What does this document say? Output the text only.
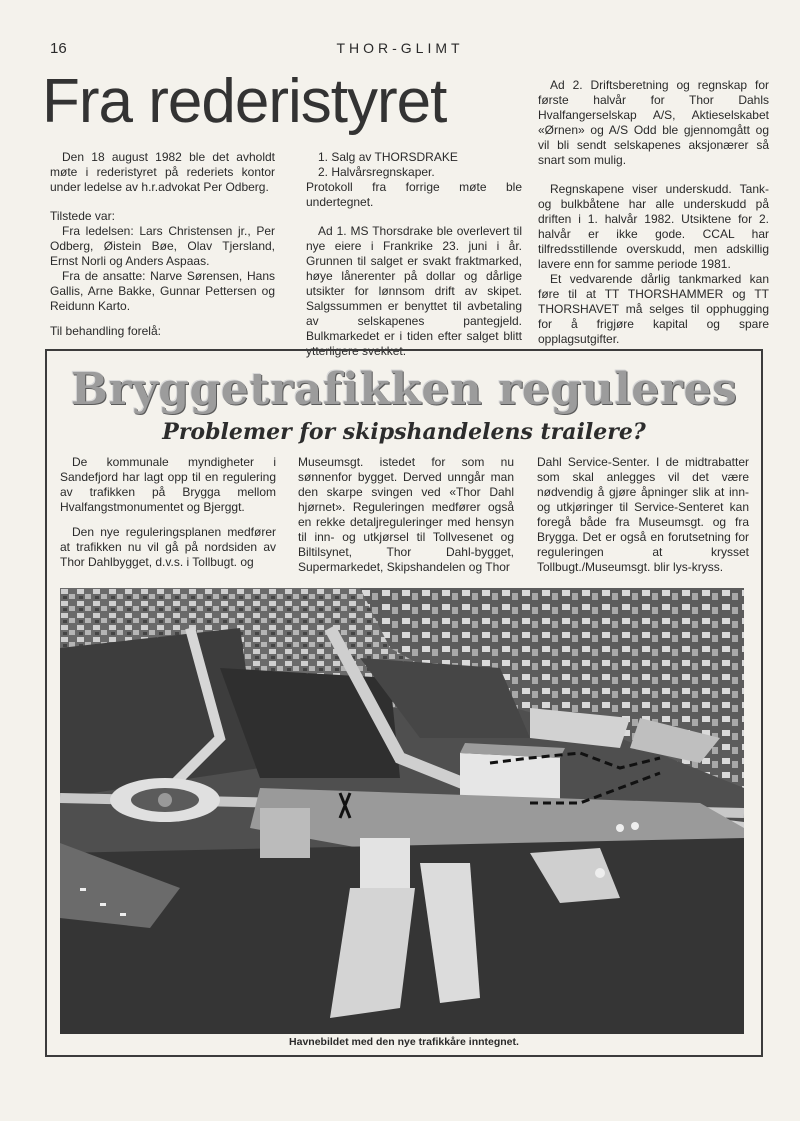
16	THOR-GLIMT
Fra rederistyret

Den 18 august 1982 ble det avholdt møte i rederistyret på rederiets kontor under ledelse av h.r.advokat Per Odberg.

Tilstede var:

Fra ledelsen: Lars Christensen jr., Per Odberg, Øistein Bøe, Olav Tjersland, Ernst Norli og Anders Aspaas.

Fra de ansatte: Narve Sørensen, Hans Gallis, Arne Bakke, Gunnar Pettersen og Reidunn Karto.

Til behandling forelå:

1. Salg av THORSDRAKE

2. Halvårsregnskaper.

Protokoll fra forrige møte ble undertegnet.

Ad 1. MS Thorsdrake ble overlevert til nye eiere i Frankrike 23. juni i år. Grunnen til salget er svakt fraktmarked, høye lånerenter på dollar og dårlige utsikter for lønnsom drift av skipet. Salgssummen er benyttet til avbetaling av selskapenes pantegjeld. Bulkmarkedet er i tiden efter salget blitt ytterligere svekket.

Ad 2. Driftsberetning og regnskap for første halvår for Thor Dahls Hvalfangerselskap A/S, Aktieselskabet «Ørnen» og A/S Odd ble gjennomgått og vil bli sendt selskapenes aksjonærer så snart som mulig.

Regnskapene viser underskudd. Tank- og bulkbåtene har alle underskudd på driften i 1. halvår 1982. Utsiktene for 2. halvår er ikke gode. CCAL har tilfredsstillende overskudd, men adskillig lavere enn for samme periode 1981.

Et vedvarende dårlig tankmarked kan føre til at TT THORSHAMMER og TT THORSHAVET må selges til opphugging for å frigjøre kapital og spare opplagsutgifter.

Bryggetrafikken reguleres
Problemer for skipshandelens trailere?

De kommunale myndigheter i Sandefjord har lagt opp til en regulering av trafikken på Brygga mellom Hvalfangstmonumentet og Bjerggt.

Den nye reguleringsplanen medfører at trafikken nu vil gå på nordsiden av Thor Dahlbygget, d.v.s. i Tollbugt. og

Museumsgt. istedet for som nu sønnenfor bygget. Derved unngår man den skarpe svingen ved «Thor Dahl hjørnet». Reguleringen medfører også en rekke detaljreguleringer med hensyn til inn- og utkjørsel til Tollvesenet og Biltilsynet, Thor Dahl-bygget, Supermarkedet, Skipshandelen og Thor

Dahl Service-Senter. I de midtrabatter som skal anlegges vil det være nødvendig å gjøre åpninger slik at inn- og utkjøringer til Service-Senteret kan foregå både fra Museumsgt. og fra Brygga. Det er også en forutsetning for reguleringen at krysset Tollbugt./Museumsgt. blir lys-kryss.

Havnebildet med den nye trafikkåre inntegnet.
